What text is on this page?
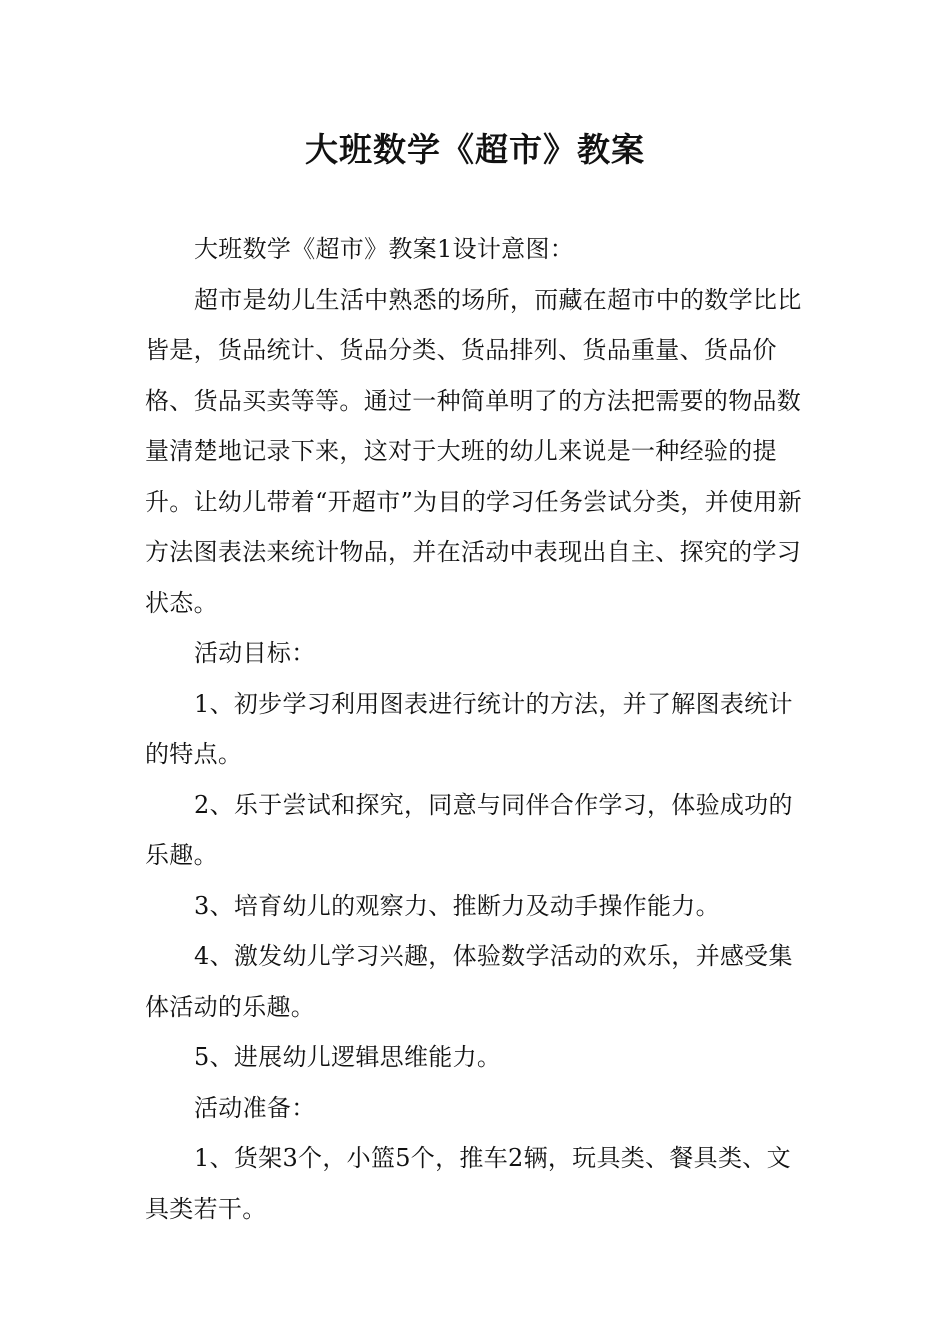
大班数学《超市》教案

大班数学《超市》教案1设计意图：

超市是幼儿生活中熟悉的场所，而藏在超市中的数学比比皆是，货品统计、货品分类、货品排列、货品重量、货品价格、货品买卖等等。通过一种简单明了的方法把需要的物品数量清楚地记录下来，这对于大班的幼儿来说是一种经验的提升。让幼儿带着“开超市”为目的学习任务尝试分类，并使用新方法图表法来统计物品，并在活动中表现出自主、探究的学习状态。

活动目标：

1、初步学习利用图表进行统计的方法，并了解图表统计的特点。

2、乐于尝试和探究，同意与同伴合作学习，体验成功的乐趣。

3、培育幼儿的观察力、推断力及动手操作能力。

4、激发幼儿学习兴趣，体验数学活动的欢乐，并感受集体活动的乐趣。

5、进展幼儿逻辑思维能力。

活动准备：

1、货架3个，小篮5个，推车2辆，玩具类、餐具类、文具类若干。
